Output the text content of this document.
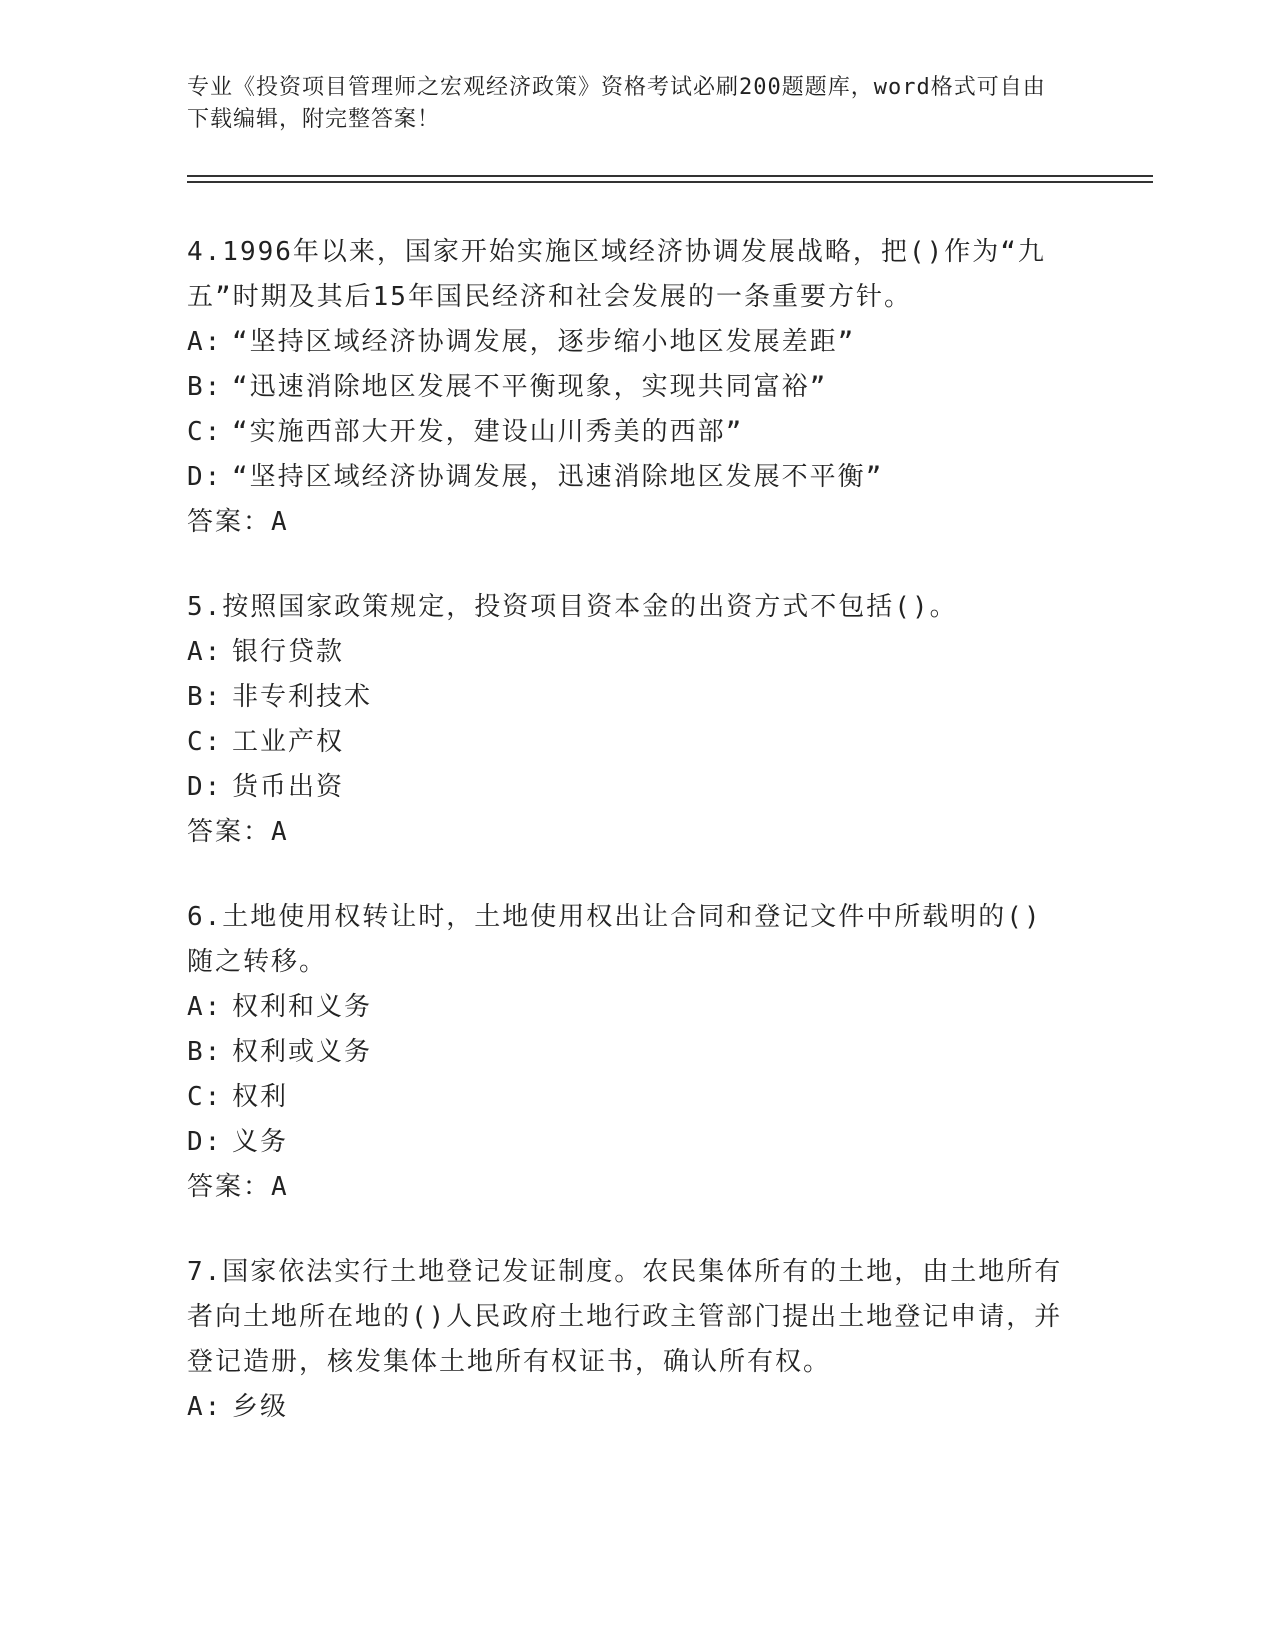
专业《投资项目管理师之宏观经济政策》资格考试必刷200题题库，word格式可自由下载编辑，附完整答案！
4.1996年以来，国家开始实施区域经济协调发展战略，把()作为“九五”时期及其后15年国民经济和社会发展的一条重要方针。
A: “坚持区域经济协调发展，逐步缩小地区发展差距”
B: “迅速消除地区发展不平衡现象，实现共同富裕”
C: “实施西部大开发，建设山川秀美的西部”
D: “坚持区域经济协调发展，迅速消除地区发展不平衡”
答案： A
5.按照国家政策规定，投资项目资本金的出资方式不包括()。
A: 银行贷款
B: 非专利技术
C: 工业产权
D: 货币出资
答案： A
6.土地使用权转让时，土地使用权出让合同和登记文件中所载明的()随之转移。
A: 权利和义务
B: 权利或义务
C: 权利
D: 义务
答案： A
7.国家依法实行土地登记发证制度。农民集体所有的土地，由土地所有者向土地所在地的()人民政府土地行政主管部门提出土地登记申请，并登记造册，核发集体土地所有权证书，确认所有权。
A: 乡级
